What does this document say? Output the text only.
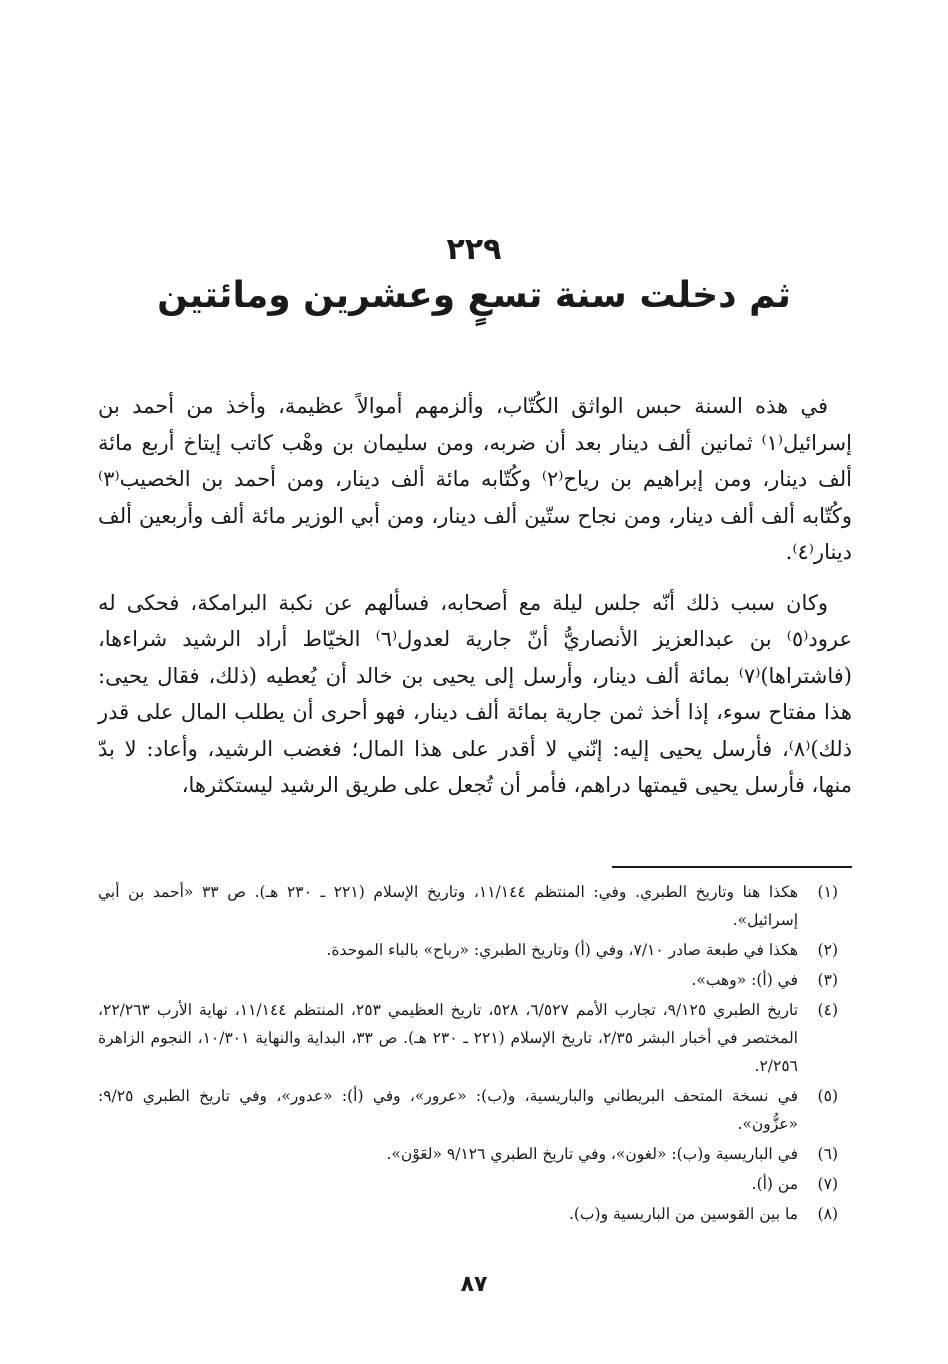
٢٢٩
ثم دخلت سنة تسعٍ وعشرين ومائتين

في هذه السنة حبس الواثق الكُتّاب، وألزمهم أموالاً عظيمة، وأخذ من أحمد بن إسرائيل⁽١⁾ ثمانين ألف دينار بعد أن ضربه، ومن سليمان بن وهْب كاتب إيتاخ أربع مائة ألف دينار، ومن إبراهيم بن رياح⁽٢⁾ وكُتّابه مائة ألف دينار، ومن أحمد بن الخصيب⁽٣⁾ وكُتّابه ألف ألف دينار، ومن نجاح ستّين ألف دينار، ومن أبي الوزير مائة ألف وأربعين ألف دينار⁽٤⁾.

وكان سبب ذلك أنّه جلس ليلة مع أصحابه، فسألهم عن نكبة البرامكة، فحكى له عرود⁽٥⁾ بن عبدالعزيز الأنصاريُّ أنّ جارية لعدول⁽٦⁾ الخيّاط أراد الرشيد شراءها، (فاشتراها)⁽٧⁾ بمائة ألف دينار، وأرسل إلى يحيى بن خالد أن يُعطيه (ذلك، فقال يحيى: هذا مفتاح سوء، إذا أخذ ثمن جارية بمائة ألف دينار، فهو أحرى أن يطلب المال على قدر ذلك)⁽٨⁾، فأرسل يحيى إليه: إنّني لا أقدر على هذا المال؛ فغضب الرشيد، وأعاد: لا بدّ منها، فأرسل يحيى قيمتها دراهم، فأمر أن تُجعل على طريق الرشيد ليستكثرها،

(١)
هكذا هنا وتاريخ الطبري. وفي: المنتظم ١١/١٤٤، وتاريخ الإسلام (٢٢١ ـ ٢٣٠ هـ). ص ٣٣ «أحمد بن أبي إسرائيل».
(٢)
هكذا في طبعة صادر ٧/١٠، وفي (أ) وتاريخ الطبري: «رباح» بالباء الموحدة.
(٣)
في (أ): «وهب».
(٤)
تاريخ الطبري ٩/١٢٥، تجارب الأمم ٦/٥٢٧، ٥٢٨، تاريخ العظيمي ٢٥٣، المنتظم ١١/١٤٤، نهاية الأرب ٢٢/٢٦٣، المختصر في أخبار البشر ٢/٣٥، تاريخ الإسلام (٢٢١ ـ ٢٣٠ هـ). ص ٣٣، البداية والنهاية ١٠/٣٠١، النجوم الزاهرة ٢/٢٥٦.
(٥)
في نسخة المتحف البريطاني والباريسية، و(ب): «عرور»، وفي (أ): «عدور»، وفي تاريخ الطبري ٩/٢٥: «عزُّون».
(٦)
في الباريسية و(ب): «لغون»، وفي تاريخ الطبري ٩/١٢٦ «لعَوْن».
(٧)
من (أ).
(٨)
ما بين القوسين من الباريسية و(ب).
٨٧
